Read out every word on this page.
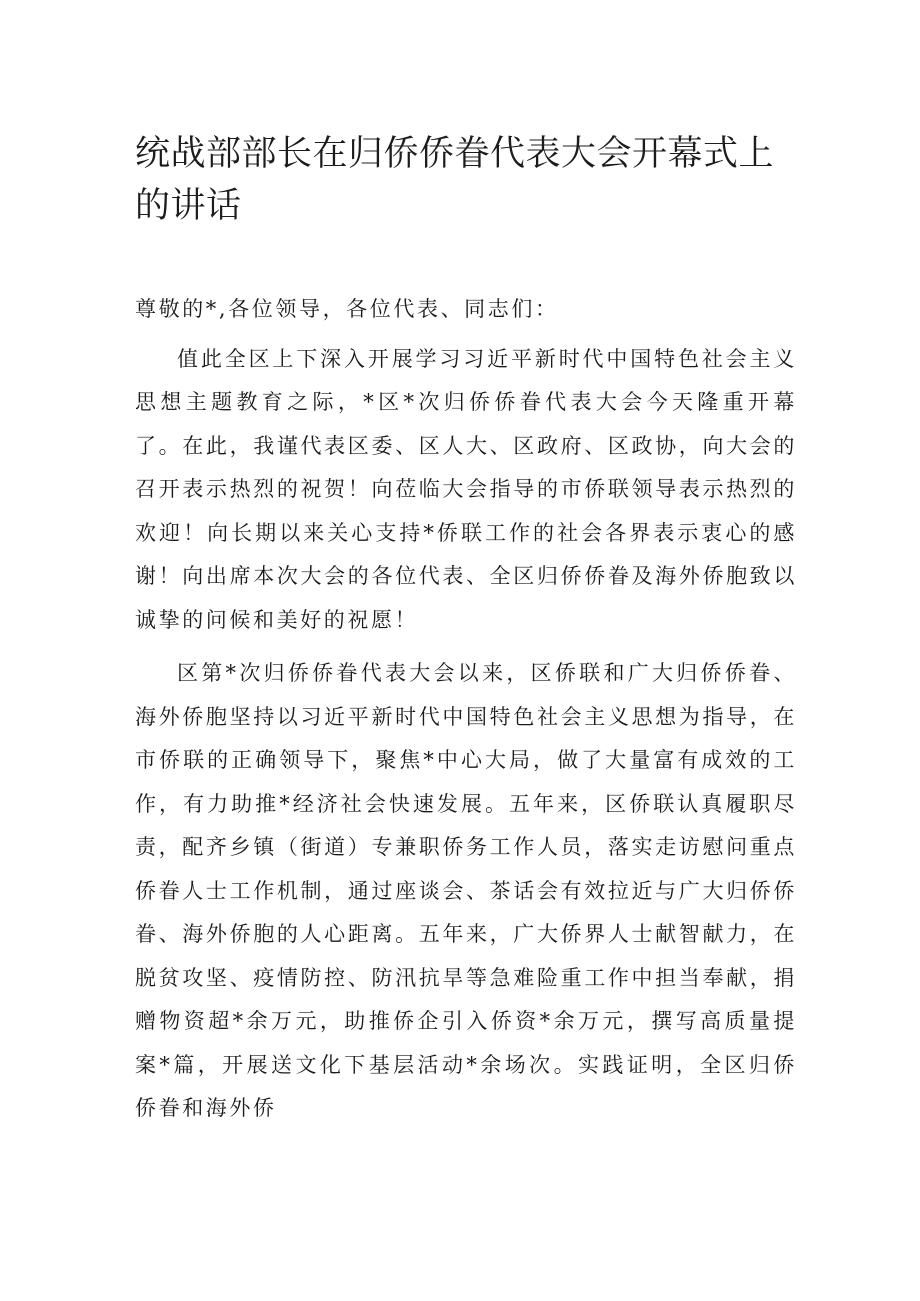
统战部部长在归侨侨眷代表大会开幕式上的讲话

尊敬的*,各位领导，各位代表、同志们：

值此全区上下深入开展学习习近平新时代中国特色社会主义思想主题教育之际，*区*次归侨侨眷代表大会今天隆重开幕了。在此，我谨代表区委、区人大、区政府、区政协，向大会的召开表示热烈的祝贺！向莅临大会指导的市侨联领导表示热烈的欢迎！向长期以来关心支持*侨联工作的社会各界表示衷心的感谢！向出席本次大会的各位代表、全区归侨侨眷及海外侨胞致以诚挚的问候和美好的祝愿！

区第*次归侨侨眷代表大会以来，区侨联和广大归侨侨眷、海外侨胞坚持以习近平新时代中国特色社会主义思想为指导，在市侨联的正确领导下，聚焦*中心大局，做了大量富有成效的工作，有力助推*经济社会快速发展。五年来，区侨联认真履职尽责，配齐乡镇（街道）专兼职侨务工作人员，落实走访慰问重点侨眷人士工作机制，通过座谈会、茶话会有效拉近与广大归侨侨眷、海外侨胞的人心距离。五年来，广大侨界人士献智献力，在脱贫攻坚、疫情防控、防汛抗旱等急难险重工作中担当奉献，捐赠物资超*余万元，助推侨企引入侨资*余万元，撰写高质量提案*篇，开展送文化下基层活动*余场次。实践证明，全区归侨侨眷和海外侨
